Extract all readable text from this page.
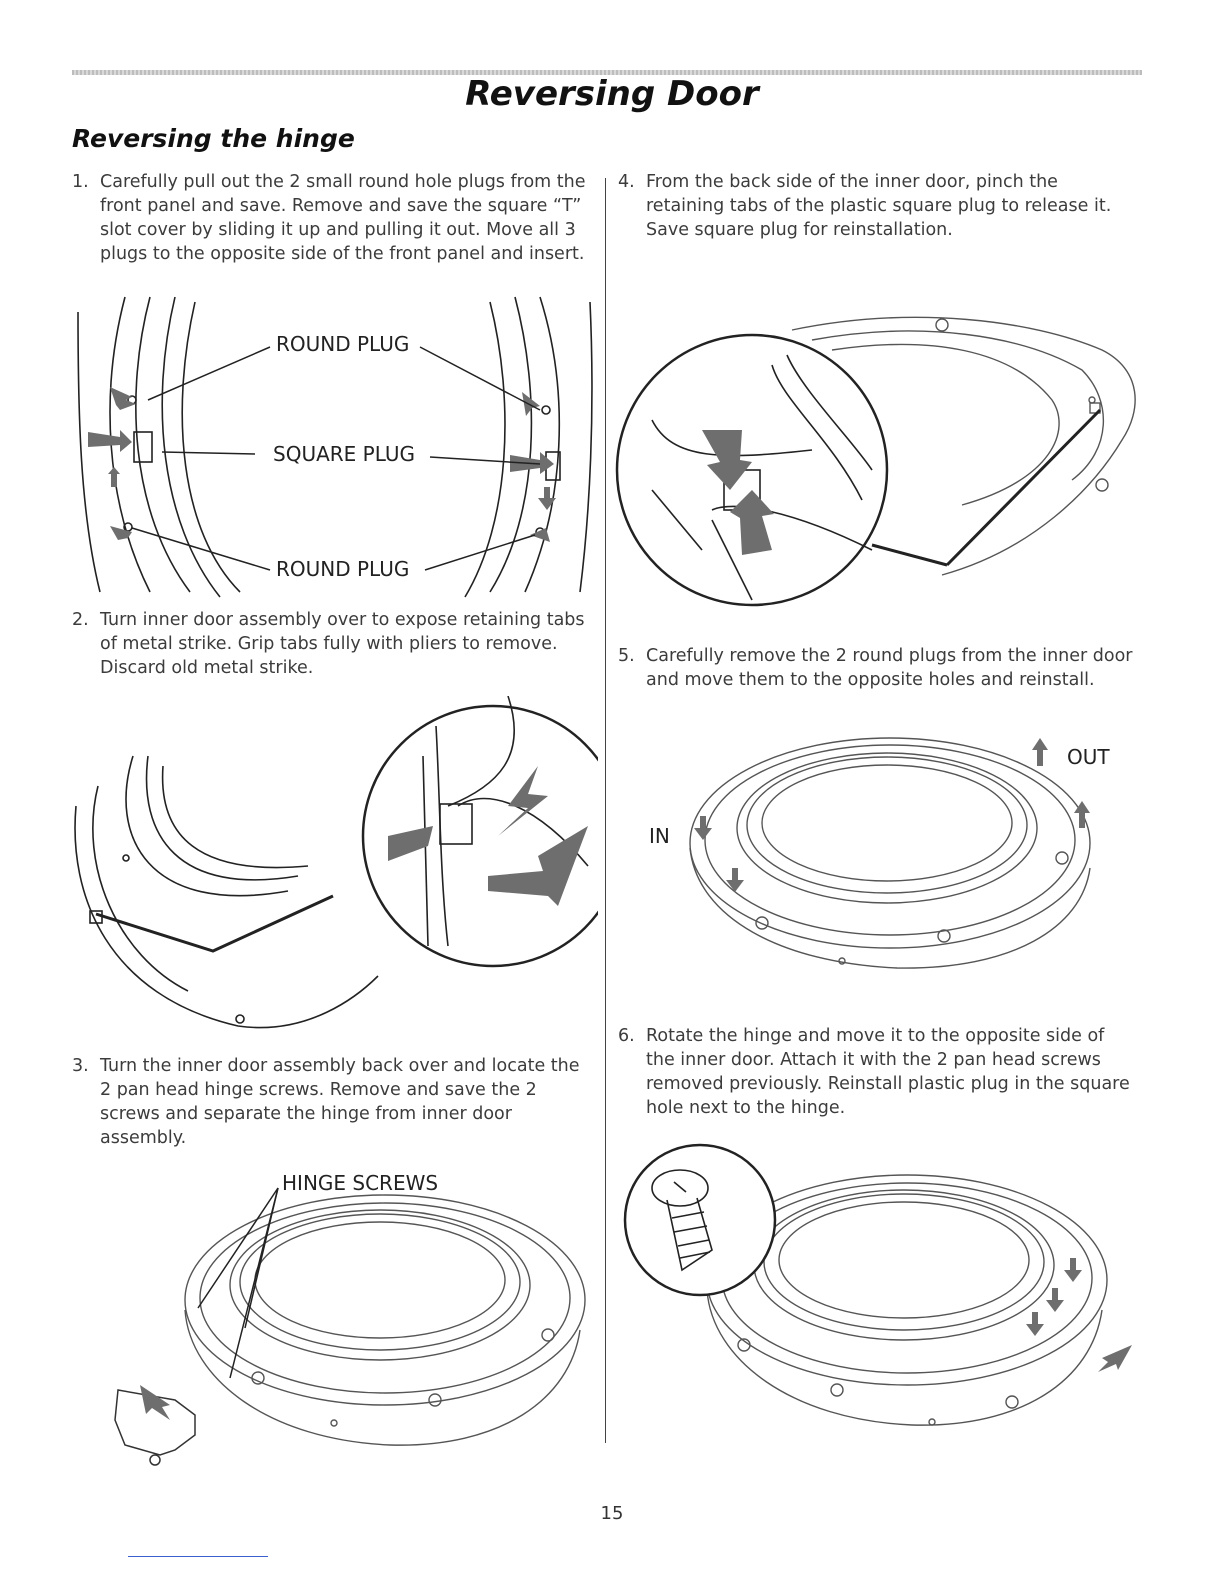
Reversing Door
Reversing the hinge
1. Carefully pull out the 2 small round hole plugs from the front panel and save. Remove and save the square “T” slot cover by sliding it up and pulling it out. Move all 3 plugs to the opposite side of the front panel and insert.
ROUND PLUG
SQUARE PLUG
ROUND PLUG
2. Turn inner door assembly over to expose retaining tabs of metal strike. Grip tabs fully with pliers to remove. Discard old metal strike.
3. Turn the inner door assembly back over and locate the 2 pan head hinge screws. Remove and save the 2 screws and separate the hinge from inner door assembly.
HINGE SCREWS
4. From the back side of the inner door, pinch the retaining tabs of the plastic square plug to release it. Save square plug for reinstallation.
5. Carefully remove the 2 round plugs from the inner door and move them to the opposite holes and reinstall.
OUT
IN
6. Rotate the hinge and move it to the opposite side of the inner door. Attach it with the 2 pan head screws removed previously. Reinstall plastic plug in the square hole next to the hinge.
15
